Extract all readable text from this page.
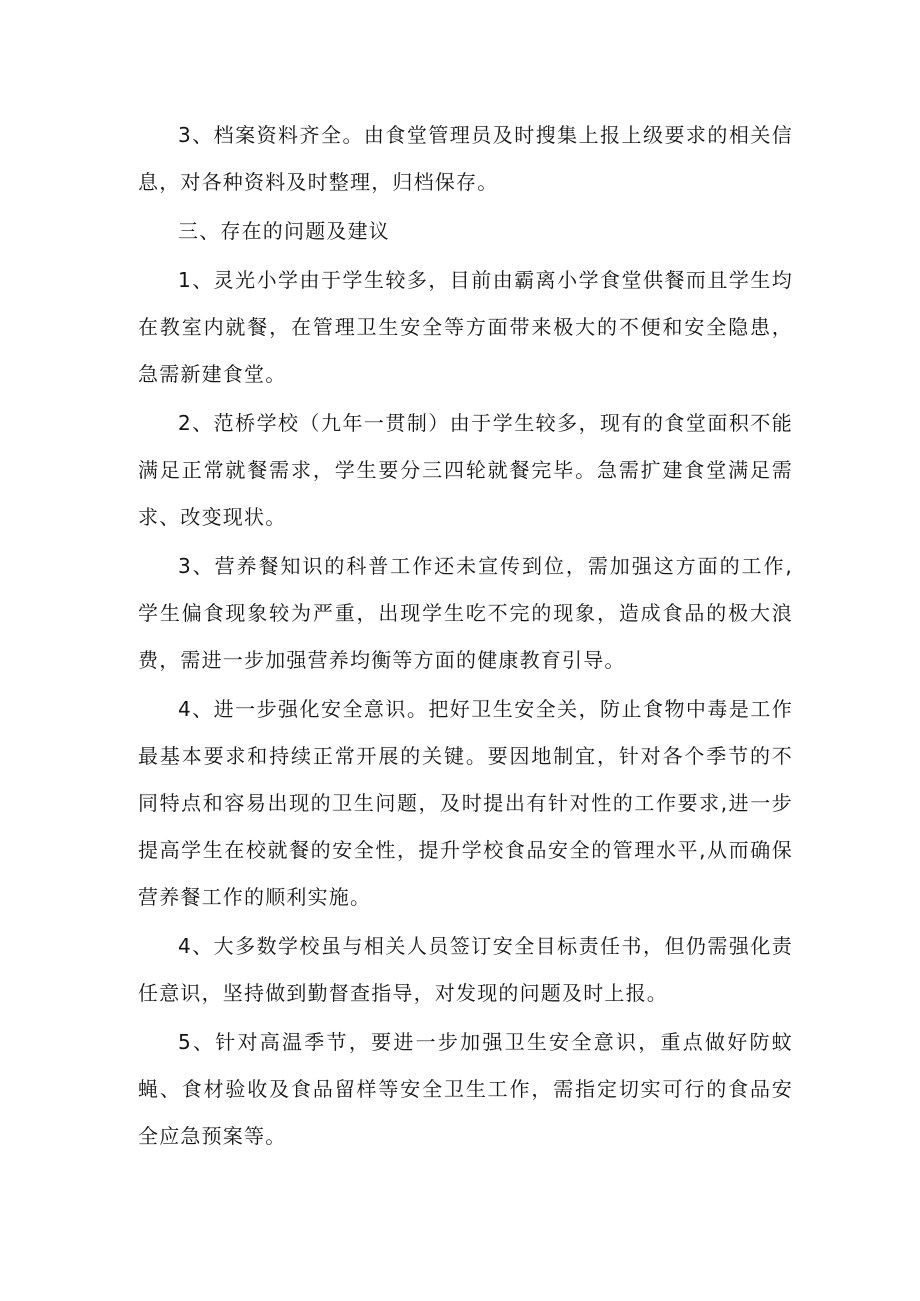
3、档案资料齐全。由食堂管理员及时搜集上报上级要求的相关信息，对各种资料及时整理，归档保存。

三、存在的问题及建议

1、灵光小学由于学生较多，目前由霸离小学食堂供餐而且学生均在教室内就餐，在管理卫生安全等方面带来极大的不便和安全隐患，急需新建食堂。

2、范桥学校（九年一贯制）由于学生较多，现有的食堂面积不能满足正常就餐需求，学生要分三四轮就餐完毕。急需扩建食堂满足需求、改变现状。

3、营养餐知识的科普工作还未宣传到位，需加强这方面的工作,学生偏食现象较为严重，出现学生吃不完的现象，造成食品的极大浪费，需进一步加强营养均衡等方面的健康教育引导。

4、进一步强化安全意识。把好卫生安全关，防止食物中毒是工作最基本要求和持续正常开展的关键。要因地制宜，针对各个季节的不同特点和容易出现的卫生问题，及时提出有针对性的工作要求,进一步提高学生在校就餐的安全性，提升学校食品安全的管理水平,从而确保营养餐工作的顺利实施。

4、大多数学校虽与相关人员签订安全目标责任书，但仍需强化责任意识，坚持做到勤督查指导，对发现的问题及时上报。

5、针对高温季节，要进一步加强卫生安全意识，重点做好防蚊蝇、食材验收及食品留样等安全卫生工作，需指定切实可行的食品安全应急预案等。
